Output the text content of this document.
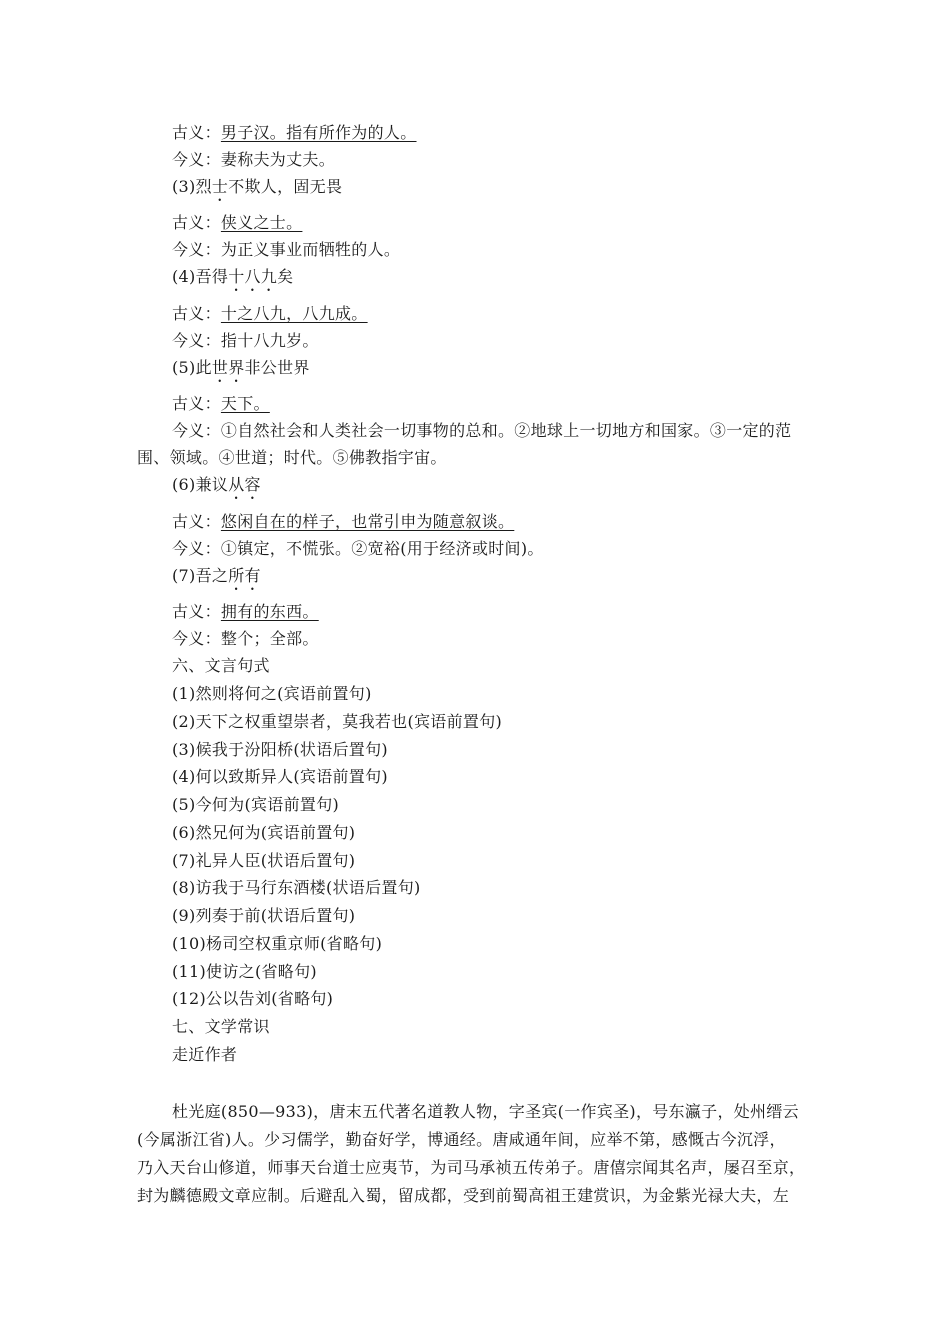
古义：男子汉。指有所作为的人。
今义：妻称夫为丈夫。
(3)烈士不欺人，固无畏
古义：侠义之士。
今义：为正义事业而牺牲的人。
(4)吾得十八九矣
古义：十之八九，八九成。
今义：指十八九岁。
(5)此世界非公世界
古义：天下。
今义：①自然社会和人类社会一切事物的总和。②地球上一切地方和国家。③一定的范
围、领域。④世道；时代。⑤佛教指宇宙。
(6)兼议从容
古义：悠闲自在的样子，也常引申为随意叙谈。
今义：①镇定，不慌张。②宽裕(用于经济或时间)。
(7)吾之所有
古义：拥有的东西。
今义：整个；全部。
六、文言句式
(1)然则将何之(宾语前置句)
(2)天下之权重望崇者，莫我若也(宾语前置句)
(3)候我于汾阳桥(状语后置句)
(4)何以致斯异人(宾语前置句)
(5)今何为(宾语前置句)
(6)然兄何为(宾语前置句)
(7)礼异人臣(状语后置句)
(8)访我于马行东酒楼(状语后置句)
(9)列奏于前(状语后置句)
(10)杨司空权重京师(省略句)
(11)使访之(省略句)
(12)公以告刘(省略句)
七、文学常识
走近作者
杜光庭(850—933)，唐末五代著名道教人物，字圣宾(一作宾圣)，号东瀛子，处州缙云
(今属浙江省)人。少习儒学，勤奋好学，博通经。唐咸通年间，应举不第，感慨古今沉浮，
乃入天台山修道，师事天台道士应夷节，为司马承祯五传弟子。唐僖宗闻其名声，屡召至京，
封为麟德殿文章应制。后避乱入蜀，留成都，受到前蜀高祖王建赏识，为金紫光禄大夫，左
